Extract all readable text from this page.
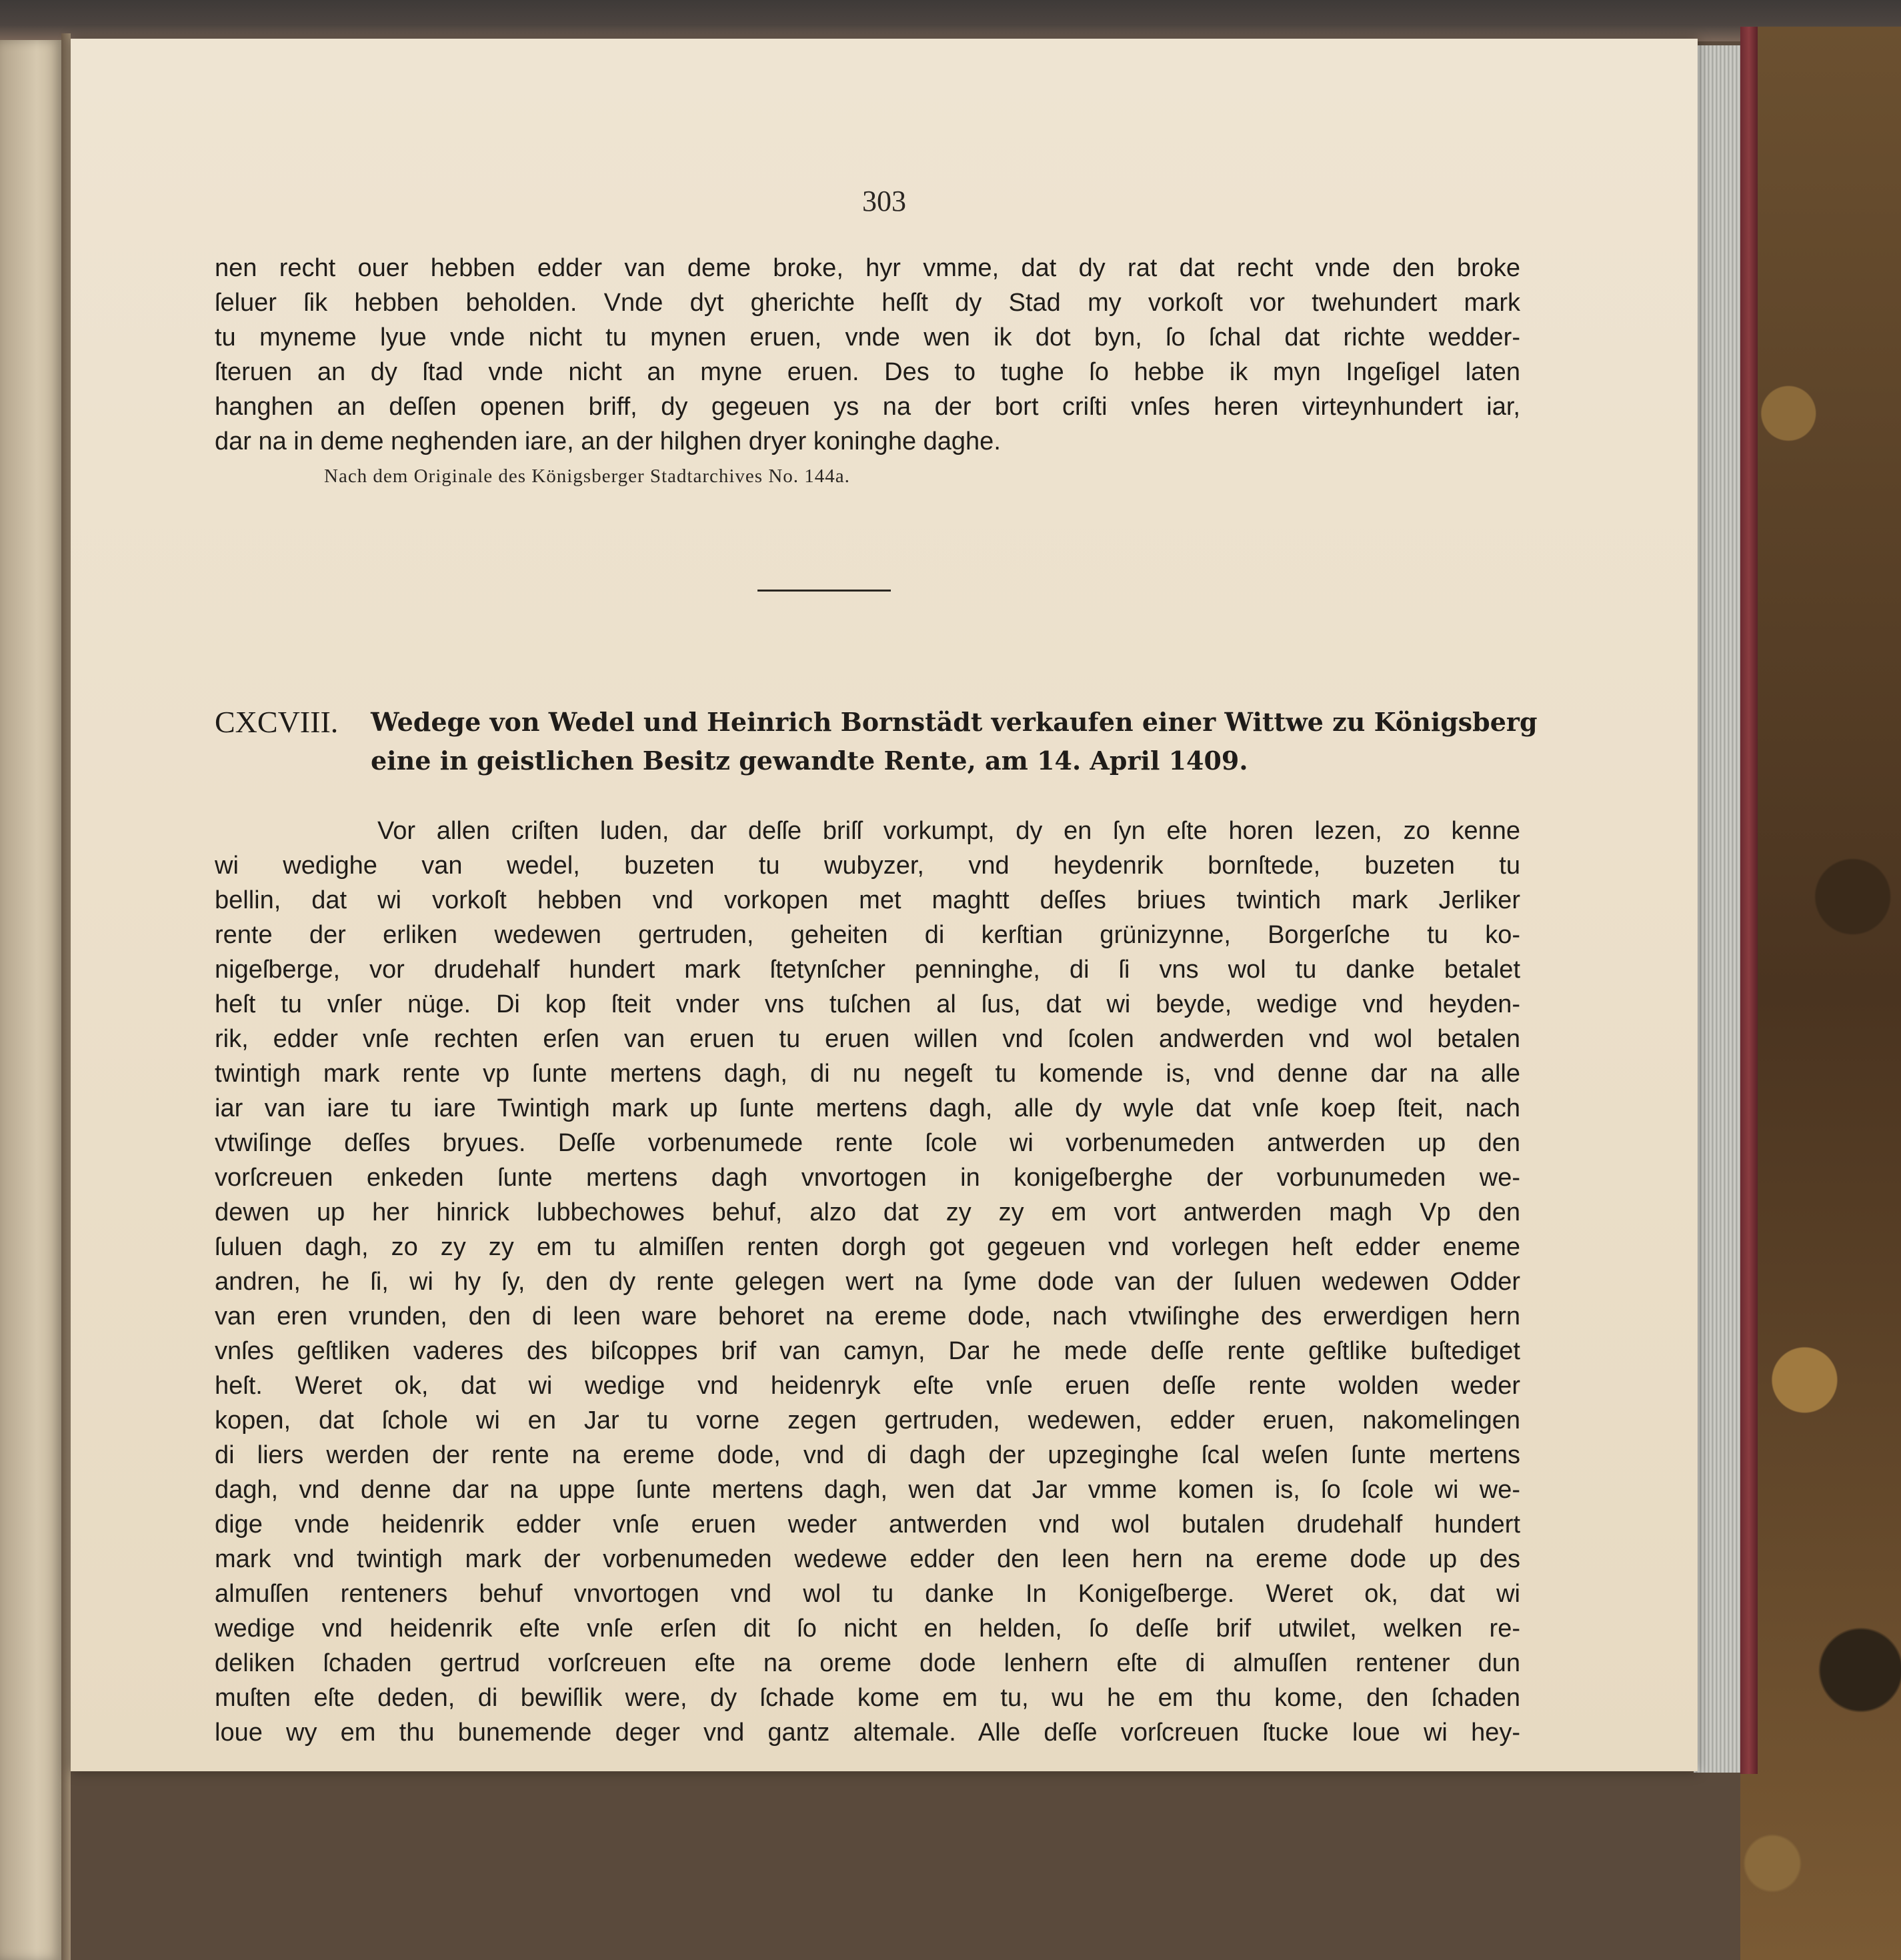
303

nen recht ouer hebben edder van deme broke, hyr vmme, dat dy rat dat recht vnde den broke

ſeluer ſik hebben beholden. Vnde dyt gherichte heſſt dy Stad my vorkoſt vor twehundert mark

tu myneme lyue vnde nicht tu mynen eruen, vnde wen ik dot byn, ſo ſchal dat richte wedder-

ſteruen an dy ſtad vnde nicht an myne eruen. Des to tughe ſo hebbe ik myn Ingeſigel laten

hanghen an deſſen openen briff, dy gegeuen ys na der bort criſti vnſes heren virteynhundert iar,

dar na in deme neghenden iare, an der hilghen dryer koninghe daghe.

Nach dem Originale des Königsberger Stadtarchives No. 144a.
CXCVIII. Wedege von Wedel und Heinrich Bornstädt verkaufen einer Wittwe zu Königsberg

eine in geistlichen Besitz gewandte Rente, am 14. April 1409.

Vor allen criſten luden, dar deſſe briſſ vorkumpt, dy en ſyn eſte horen lezen, zo kenne

wi wedighe van wedel, buzeten tu wubyzer, vnd heydenrik bornſtede, buzeten tu

bellin, dat wi vorkoſt hebben vnd vorkopen met maghtt deſſes briues twintich mark Jerliker

rente der erliken wedewen gertruden, geheiten di kerſtian grünizynne, Borgerſche tu ko-

nigeſberge, vor drudehalf hundert mark ſtetynſcher penninghe, di ſi vns wol tu danke betalet

heſt tu vnſer nüge. Di kop ſteit vnder vns tuſchen al ſus, dat wi beyde, wedige vnd heyden-

rik, edder vnſe rechten erſen van eruen tu eruen willen vnd ſcolen andwerden vnd wol betalen

twintigh mark rente vp ſunte mertens dagh, di nu negeſt tu komende is, vnd denne dar na alle

iar van iare tu iare Twintigh mark up ſunte mertens dagh, alle dy wyle dat vnſe koep ſteit, nach

vtwiſinge deſſes bryues. Deſſe vorbenumede rente ſcole wi vorbenumeden antwerden up den

vorſcreuen enkeden ſunte mertens dagh vnvortogen in konigeſberghe der vorbunumeden we-

dewen up her hinrick lubbechowes behuf, alzo dat zy zy em vort antwerden magh Vp den

ſuluen dagh, zo zy zy em tu almiſſen renten dorgh got gegeuen vnd vorlegen heſt edder eneme

andren, he ſi, wi hy ſy, den dy rente gelegen wert na ſyme dode van der ſuluen wedewen Odder

van eren vrunden, den di leen ware behoret na ereme dode, nach vtwiſinghe des erwerdigen hern

vnſes geſtliken vaderes des biſcoppes brif van camyn, Dar he mede deſſe rente geſtlike buſtediget

heſt. Weret ok, dat wi wedige vnd heidenryk eſte vnſe eruen deſſe rente wolden weder

kopen, dat ſchole wi en Jar tu vorne zegen gertruden, wedewen, edder eruen, nakomelingen

di liers werden der rente na ereme dode, vnd di dagh der upzeginghe ſcal weſen ſunte mertens

dagh, vnd denne dar na uppe ſunte mertens dagh, wen dat Jar vmme komen is, ſo ſcole wi we-

dige vnde heidenrik edder vnſe eruen weder antwerden vnd wol butalen drudehalf hundert

mark vnd twintigh mark der vorbenumeden wedewe edder den leen hern na ereme dode up des

almuſſen renteners behuf vnvortogen vnd wol tu danke In Konigeſberge. Weret ok, dat wi

wedige vnd heidenrik eſte vnſe erſen dit ſo nicht en helden, ſo deſſe brif utwilet, welken re-

deliken ſchaden gertrud vorſcreuen eſte na oreme dode lenhern eſte di almuſſen rentener dun

muſten eſte deden, di bewiſlik were, dy ſchade kome em tu, wu he em thu kome, den ſchaden

loue wy em thu bunemende deger vnd gantz altemale. Alle deſſe vorſcreuen ſtucke loue wi hey-
